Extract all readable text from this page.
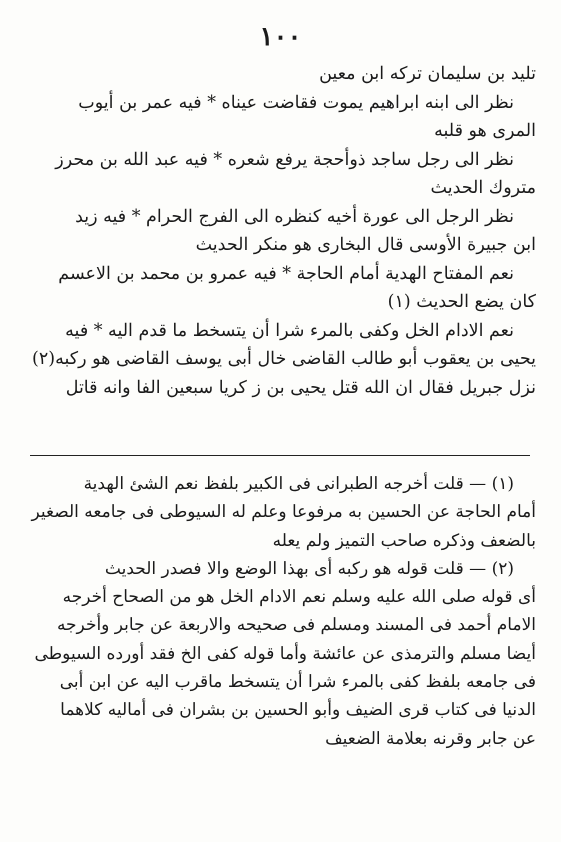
١٠٠
تليد بن سليمان تركه ابن معين
نظر الى ابنه ابراهيم يموت فقاضت عيناه * فيه عمر بن أيوب
المرى هو قلبه
نظر الى رجل ساجد ذوأحجة يرفع شعره * فيه عبد الله بن محرز
متروك الحديث
نظر الرجل الى عورة أخيه كنظره الى الفرج الحرام * فيه زيد
ابن جبيرة الأوسى قال البخارى هو منكر الحديث
نعم المفتاح الهدية أمام الحاجة * فيه عمرو بن محمد بن الاعسم
كان يضع الحديث (١)
نعم الادام الخل وكفى بالمرء شرا أن يتسخط ما قدم اليه * فيه
يحيى بن يعقوب أبو طالب القاضى خال أبى يوسف القاضى هو ركبه(٢)
نزل جبريل فقال ان الله قتل يحيى بن ز كريا سبعين الفا وانه قاتل
(١) — قلت أخرجه الطبرانى فى الكبير بلفظ نعم الشئ الهدية
أمام الحاجة عن الحسين به مرفوعا وعلم له السيوطى فى جامعه الصغير
بالضعف وذكره صاحب التميز ولم يعله
(٢) — قلت قوله هو ركبه أى بهذا الوضع والا فصدر الحديث
أى قوله صلى الله عليه وسلم نعم الادام الخل هو من الصحاح أخرجه
الامام أحمد فى المسند ومسلم فى صحيحه والاربعة عن جابر وأخرجه
أيضا مسلم والترمذى عن عائشة وأما قوله كفى الخ فقد أورده السيوطى
فى جامعه بلفظ كفى بالمرء شرا أن يتسخط ماقرب اليه عن ابن أبى
الدنيا فى كتاب قرى الضيف وأبو الحسين بن بشران فى أماليه كلاهما
عن جابر وقرنه بعلامة الضعيف
